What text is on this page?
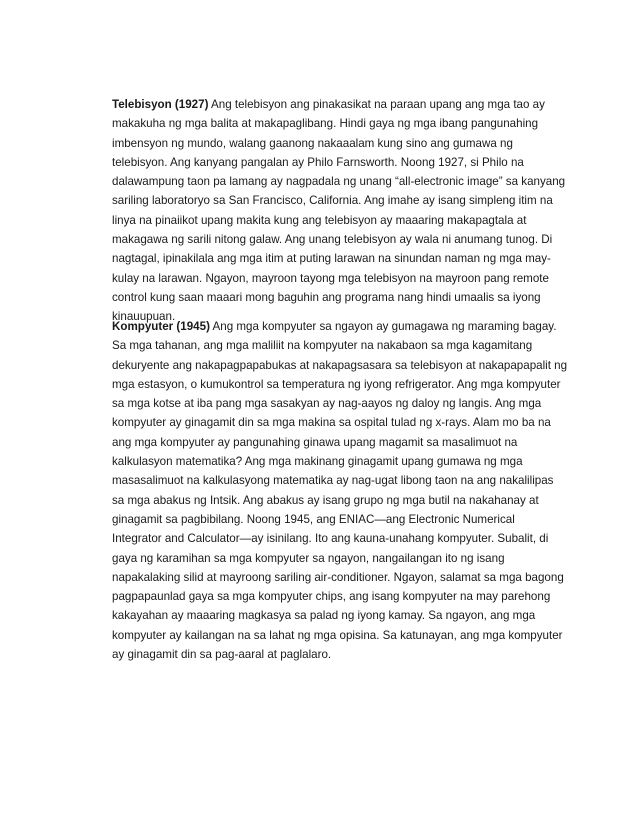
Telebisyon (1927) Ang telebisyon ang pinakasikat na paraan upang ang mga tao ay
makakuha ng mga balita at makapaglibang. Hindi gaya ng mga ibang pangunahing
imbensyon ng mundo, walang gaanong nakaaalam kung sino ang gumawa ng
telebisyon. Ang kanyang pangalan ay Philo Farnsworth. Noong 1927, si Philo na
dalawampung taon pa lamang ay nagpadala ng unang “all-electronic image” sa kanyang
sariling laboratoryo sa San Francisco, California. Ang imahe ay isang simpleng itim na
linya na pinaiikot upang makita kung ang telebisyon ay maaaring makapagtala at
makagawa ng sarili nitong galaw. Ang unang telebisyon ay wala ni anumang tunog. Di
nagtagal, ipinakilala ang mga itim at puting larawan na sinundan naman ng mga may-
kulay na larawan. Ngayon, mayroon tayong mga telebisyon na mayroon pang remote
control kung saan maaari mong baguhin ang programa nang hindi umaalis sa iyong
kinauupuan.
Kompyuter (1945) Ang mga kompyuter sa ngayon ay gumagawa ng maraming bagay.
Sa mga tahanan, ang mga maliliit na kompyuter na nakabaon sa mga kagamitang
dekuryente ang nakapagpapabukas at nakapagsasara sa telebisyon at nakapapapalit ng
mga estasyon, o kumukontrol sa temperatura ng iyong refrigerator. Ang mga kompyuter
sa mga kotse at iba pang mga sasakyan ay nag-aayos ng daloy ng langis. Ang mga
kompyuter ay ginagamit din sa mga makina sa ospital tulad ng x-rays. Alam mo ba na
ang mga kompyuter ay pangunahing ginawa upang magamit sa masalimuot na
kalkulasyon matematika? Ang mga makinang ginagamit upang gumawa ng mga
masasalimuot na kalkulasyong matematika ay nag-ugat libong taon na ang nakalilipas
sa mga abakus ng Intsik. Ang abakus ay isang grupo ng mga butil na nakahanay at
ginagamit sa pagbibilang. Noong 1945, ang ENIAC—ang Electronic Numerical
Integrator and Calculator—ay isinilang. Ito ang kauna-unahang kompyuter. Subalit, di
gaya ng karamihan sa mga kompyuter sa ngayon, nangailangan ito ng isang
napakalaking silid at mayroong sariling air-conditioner. Ngayon, salamat sa mga bagong
pagpapaunlad gaya sa mga kompyuter chips, ang isang kompyuter na may parehong
kakayahan ay maaaring magkasya sa palad ng iyong kamay. Sa ngayon, ang mga
kompyuter ay kailangan na sa lahat ng mga opisina. Sa katunayan, ang mga kompyuter
ay ginagamit din sa pag-aaral at paglalaro.
